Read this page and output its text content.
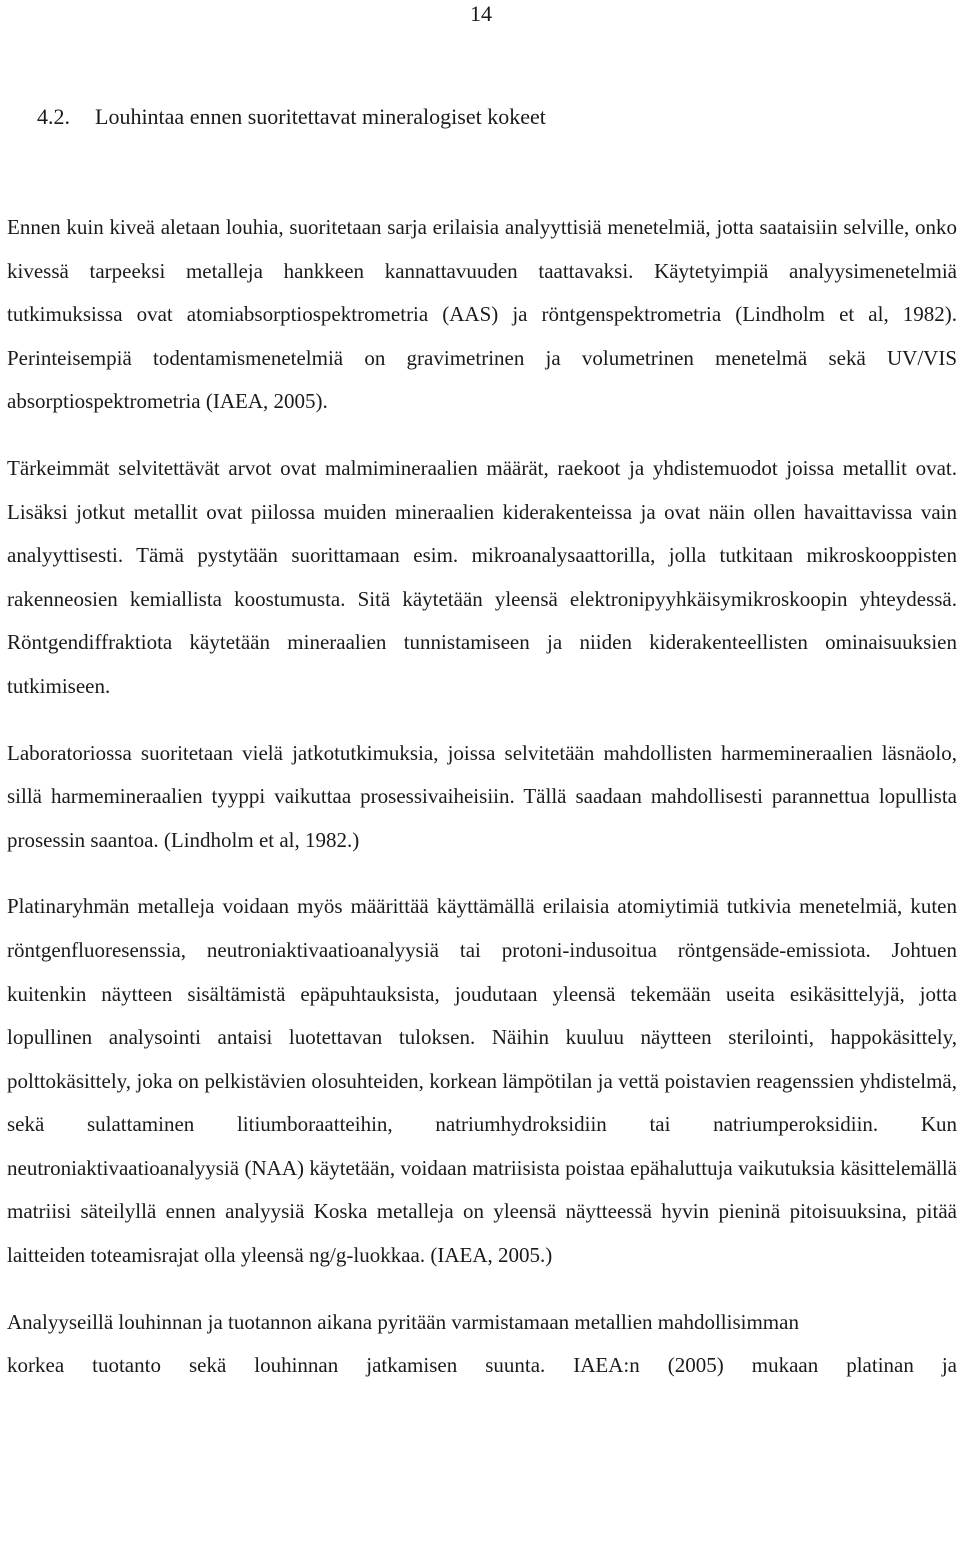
14
4.2. Louhintaa ennen suoritettavat mineralogiset kokeet

Ennen kuin kiveä aletaan louhia, suoritetaan sarja erilaisia analyyttisiä menetelmiä, jotta saataisiin selville, onko kivessä tarpeeksi metalleja hankkeen kannattavuuden taattavaksi. Käytetyimpiä analyysimenetelmiä tutkimuksissa ovat atomiabsorptiospektrometria (AAS) ja röntgenspektrometria (Lindholm et al, 1982). Perinteisempiä todentamismenetelmiä on gravimetrinen ja volumetrinen menetelmä sekä UV/VIS absorptiospektrometria (IAEA, 2005).

Tärkeimmät selvitettävät arvot ovat malmimineraalien määrät, raekoot ja yhdistemuodot joissa metallit ovat. Lisäksi jotkut metallit ovat piilossa muiden mineraalien kiderakenteissa ja ovat näin ollen havaittavissa vain analyyttisesti. Tämä pystytään suorittamaan esim. mikroanalysaattorilla, jolla tutkitaan mikroskooppisten rakenneosien kemiallista koostumusta. Sitä käytetään yleensä elektronipyyhkäisymikroskoopin yhteydessä. Röntgendiffraktiota käytetään mineraalien tunnistamiseen ja niiden kiderakenteellisten ominaisuuksien tutkimiseen.

Laboratoriossa suoritetaan vielä jatkotutkimuksia, joissa selvitetään mahdollisten harmemineraalien läsnäolo, sillä harmemineraalien tyyppi vaikuttaa prosessivaiheisiin. Tällä saadaan mahdollisesti parannettua lopullista prosessin saantoa. (Lindholm et al, 1982.)

Platinaryhmän metalleja voidaan myös määrittää käyttämällä erilaisia atomiytimiä tutkivia menetelmiä, kuten röntgenfluoresenssia, neutroniaktivaatioanalyysiä tai protoni-indusoitua röntgensäde-emissiota. Johtuen kuitenkin näytteen sisältämistä epäpuhtauksista, joudutaan yleensä tekemään useita esikäsittelyjä, jotta lopullinen analysointi antaisi luotettavan tuloksen. Näihin kuuluu näytteen sterilointi, happokäsittely, polttokäsittely, joka on pelkistävien olosuhteiden, korkean lämpötilan ja vettä poistavien reagenssien yhdistelmä, sekä sulattaminen litiumboraatteihin, natriumhydroksidiin tai natriumperoksidiin. Kun neutroniaktivaatioanalyysiä (NAA) käytetään, voidaan matriisista poistaa epähaluttuja vaikutuksia käsittelemällä matriisi säteilyllä ennen analyysiä Koska metalleja on yleensä näytteessä hyvin pieninä pitoisuuksina, pitää laitteiden toteamisrajat olla yleensä ng/g-luokkaa. (IAEA, 2005.)

Analyyseillä louhinnan ja tuotannon aikana pyritään varmistamaan metallien mahdollisimman
korkea tuotanto sekä louhinnan jatkamisen suunta. IAEA:n (2005) mukaan platinan ja
